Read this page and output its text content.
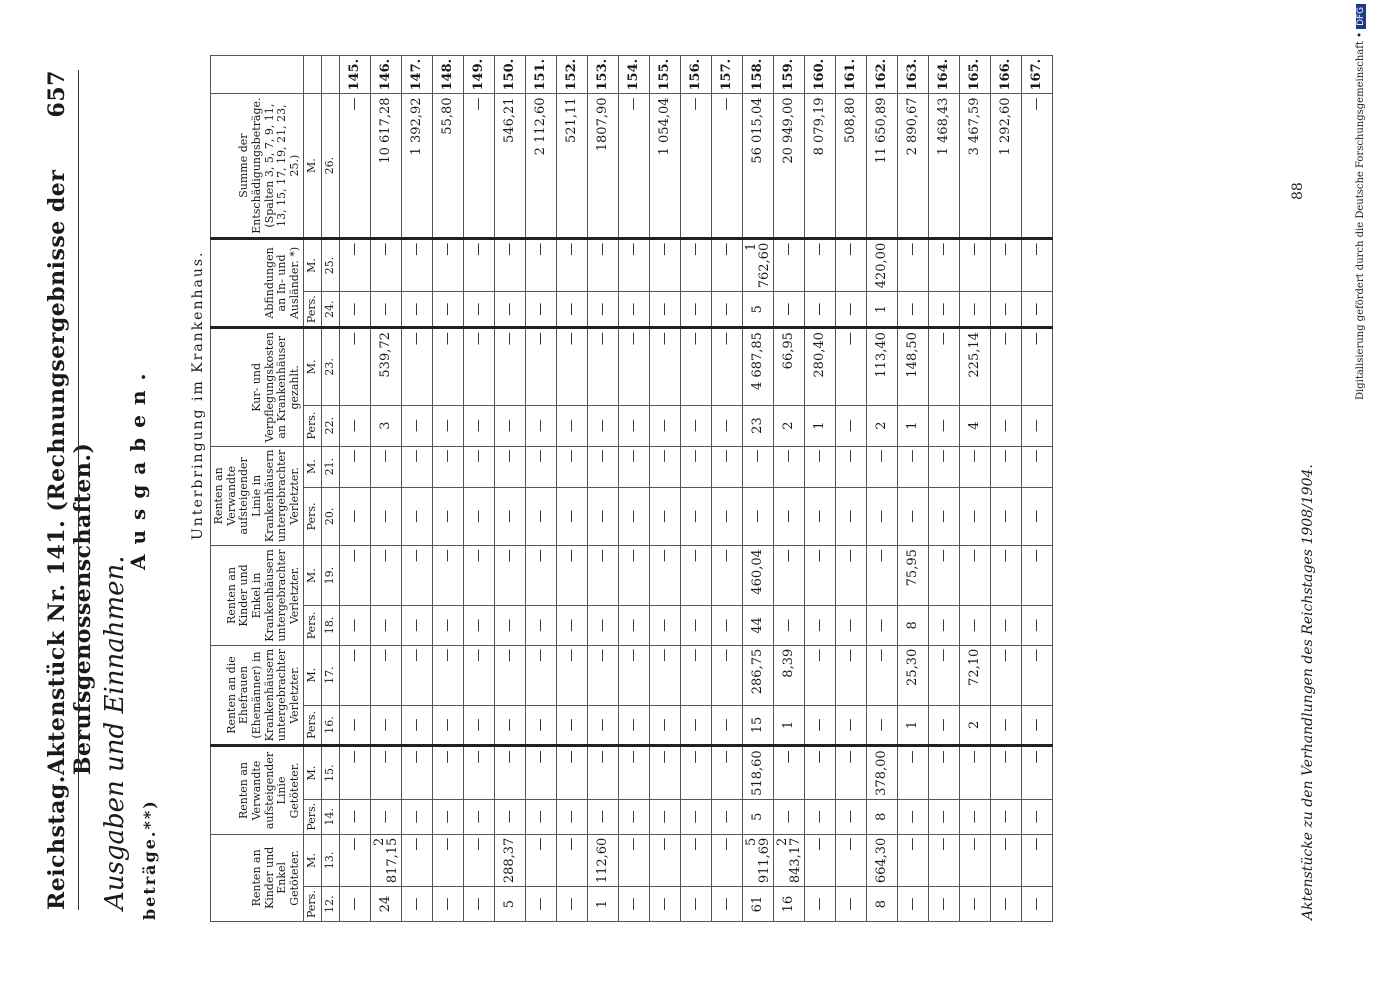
Reichstag.
Aktenstück Nr. 141. (Rechnungsergebnisse der Berufsgenossenschaften.)
657
Ausgaben und Einnahmen. beträge.**)
Ausgaben.	Unterbringung im Krankenhaus.
Renten an Kinder und Enkel Getöteter.		Renten an Verwandte aufsteigender Linie Getöteter.		Renten an die Ehefrauen (Ehemänner) in Krankenhäusern untergebrachter Verletzter.		Renten an Kinder und Enkel in Krankenhäusern untergebrachter Verletzter.		Renten an Verwandte aufsteigender Linie in Krankenhäusern untergebrachter Verletzter.		Kur- und Verpflegungskosten an Krankenhäuser gezahlt.		Abfindungen an In- und Ausländer. *)		Summe der Entschädigungsbeträge. (Spalten 3, 5, 7, 9, 11, 13, 15, 17, 19, 21, 23, 25.)	
Pers.	M.	Pers.	M.	Pers.	M.	Pers.	M.	Pers.	M.	Pers.	M.	Pers.	M.	M.	
12.	13.	14.	15.	16.	17.	18.	19.	20.	21.	22.	23.	24.	25.	26.	
—	—	—	—	—	—	—	—	—	—	—	—	—	—	—	145.
24	2 817,15	—	—	—	—	—	—	—	—	3	539,72	—	—	10 617,28	146.
—	—	—	—	—	—	—	—	—	—	—	—	—	—	1 392,92	147.
—	—	—	—	—	—	—	—	—	—	—	—	—	—	55,80	148.
—	—	—	—	—	—	—	—	—	—	—	—	—	—	—	149.
5	288,37	—	—	—	—	—	—	—	—	—	—	—	—	546,21	150.
—	—	—	—	—	—	—	—	—	—	—	—	—	—	2 112,60	151.
—	—	—	—	—	—	—	—	—	—	—	—	—	—	521,11	152.
1	112,60	—	—	—	—	—	—	—	—	—	—	—	—	1807,90	153.
—	—	—	—	—	—	—	—	—	—	—	—	—	—	—	154.
—	—	—	—	—	—	—	—	—	—	—	—	—	—	1 054,04	155.
—	—	—	—	—	—	—	—	—	—	—	—	—	—	—	156.
—	—	—	—	—	—	—	—	—	—	—	—	—	—	—	157.
61	5 911,69	5	518,60	15	286,75	44	460,04	—	—	23	4 687,85	5	1 762,60	56 015,04	158.
16	2 843,17	—	—	1	8,39	—	—	—	—	2	66,95	—	—	20 949,00	159.
—	—	—	—	—	—	—	—	—	—	1	280,40	—	—	8 079,19	160.
—	—	—	—	—	—	—	—	—	—	—	—	—	—	508,80	161.
8	664,30	8	378,00	—	—	—	—	—	—	2	113,40	1	420,00	11 650,89	162.
—	—	—	—	1	25,30	8	75,95	—	—	1	148,50	—	—	2 890,67	163.
—	—	—	—	—	—	—	—	—	—	—	—	—	—	1 468,43	164.
—	—	—	—	2	72,10	—	—	—	—	4	225,14	—	—	3 467,59	165.
—	—	—	—	—	—	—	—	—	—	—	—	—	—	1 292,60	166.
—	—	—	—	—	—	—	—	—	—	—	—	—	—	—	167.
Aktenstücke zu den Verhandlungen des Reichstages 1908/1904.
88	Digitalisierung gefördert durch die Deutsche Forschungsgemeinschaft •DFG
